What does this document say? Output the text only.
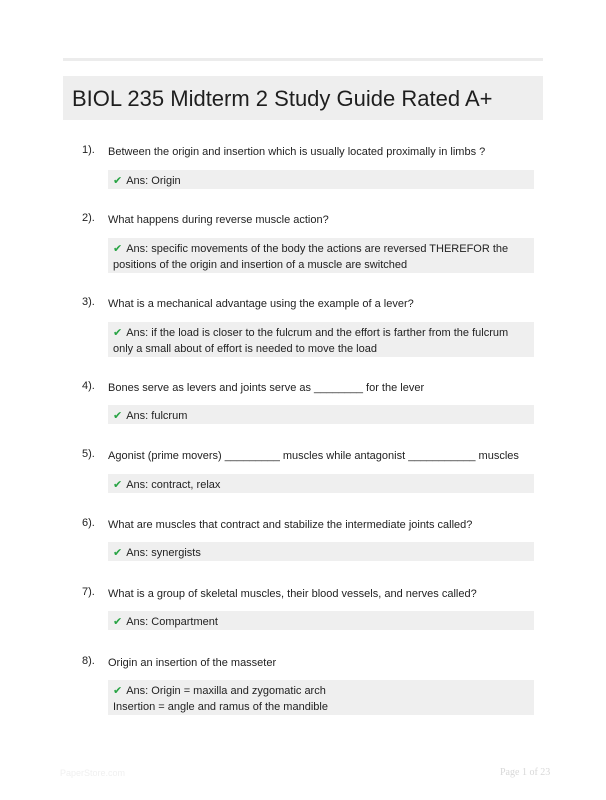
BIOL 235 Midterm 2 Study Guide Rated A+
1). Between the origin and insertion which is usually located proximally in limbs ?
✔ Ans: Origin
2). What happens during reverse muscle action?
✔ Ans: specific movements of the body the actions are reversed THEREFOR the positions of the origin and insertion of a muscle are switched
3). What is a mechanical advantage using the example of a lever?
✔ Ans: if the load is closer to the fulcrum and the effort is farther from the fulcrum only a small about of effort is needed to move the load
4). Bones serve as levers and joints serve as ________ for the lever
✔ Ans: fulcrum
5). Agonist (prime movers) _________ muscles while antagonist ___________ muscles
✔ Ans: contract, relax
6). What are muscles that contract and stabilize the intermediate joints called?
✔ Ans: synergists
7). What is a group of skeletal muscles, their blood vessels, and nerves called?
✔ Ans: Compartment
8). Origin an insertion of the masseter
✔ Ans: Origin = maxilla and zygomatic arch
Insertion = angle and ramus of the mandible
PaperStore.com	Page 1 of 23
